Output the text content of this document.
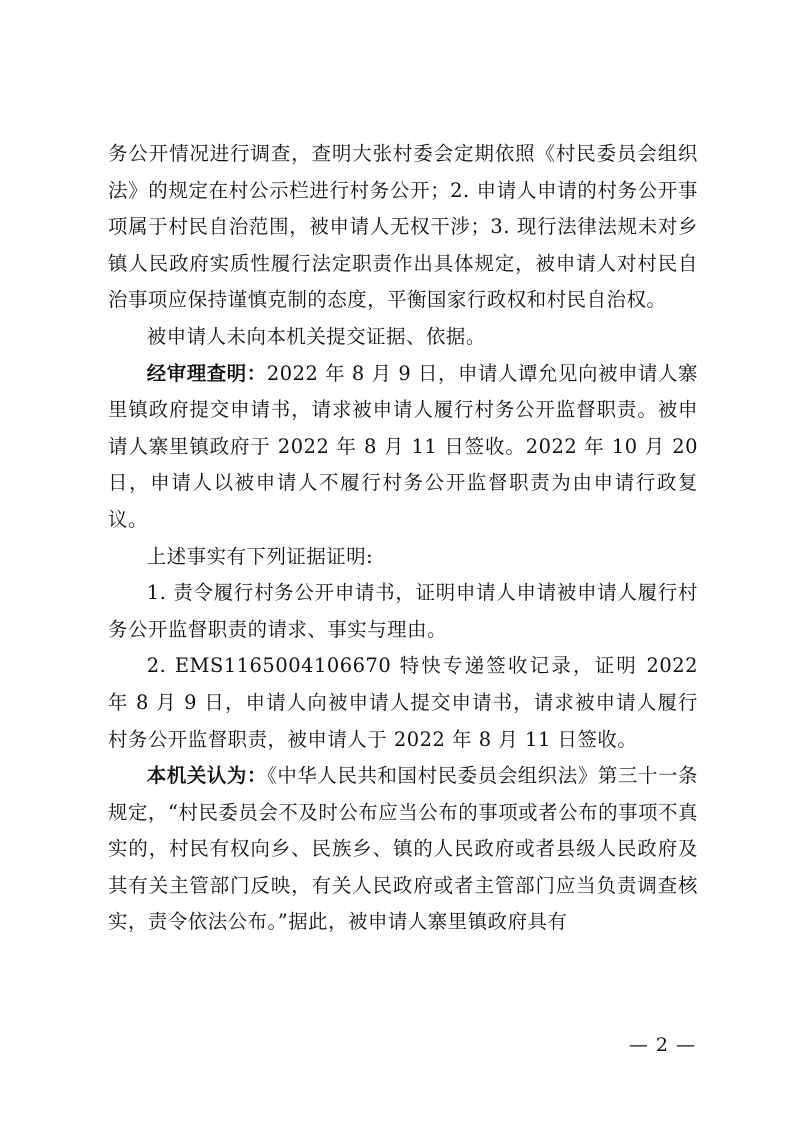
务公开情况进行调查，查明大张村委会定期依照《村民委员会组织法》的规定在村公示栏进行村务公开；2. 申请人申请的村务公开事项属于村民自治范围，被申请人无权干涉；3. 现行法律法规未对乡镇人民政府实质性履行法定职责作出具体规定，被申请人对村民自治事项应保持谨慎克制的态度，平衡国家行政权和村民自治权。

被申请人未向本机关提交证据、依据。

经审理查明：2022 年 8 月 9 日，申请人谭允见向被申请人寨里镇政府提交申请书，请求被申请人履行村务公开监督职责。被申请人寨里镇政府于 2022 年 8 月 11 日签收。2022 年 10 月 20 日，申请人以被申请人不履行村务公开监督职责为由申请行政复议。

上述事实有下列证据证明:

1. 责令履行村务公开申请书，证明申请人申请被申请人履行村务公开监督职责的请求、事实与理由。

2. EMS1165004106670 特快专递签收记录，证明 2022 年 8 月 9 日，申请人向被申请人提交申请书，请求被申请人履行村务公开监督职责，被申请人于 2022 年 8 月 11 日签收。

本机关认为：《中华人民共和国村民委员会组织法》第三十一条规定，“村民委员会不及时公布应当公布的事项或者公布的事项不真实的，村民有权向乡、民族乡、镇的人民政府或者县级人民政府及其有关主管部门反映，有关人民政府或者主管部门应当负责调查核实，责令依法公布。”据此，被申请人寨里镇政府具有

— 2 —
